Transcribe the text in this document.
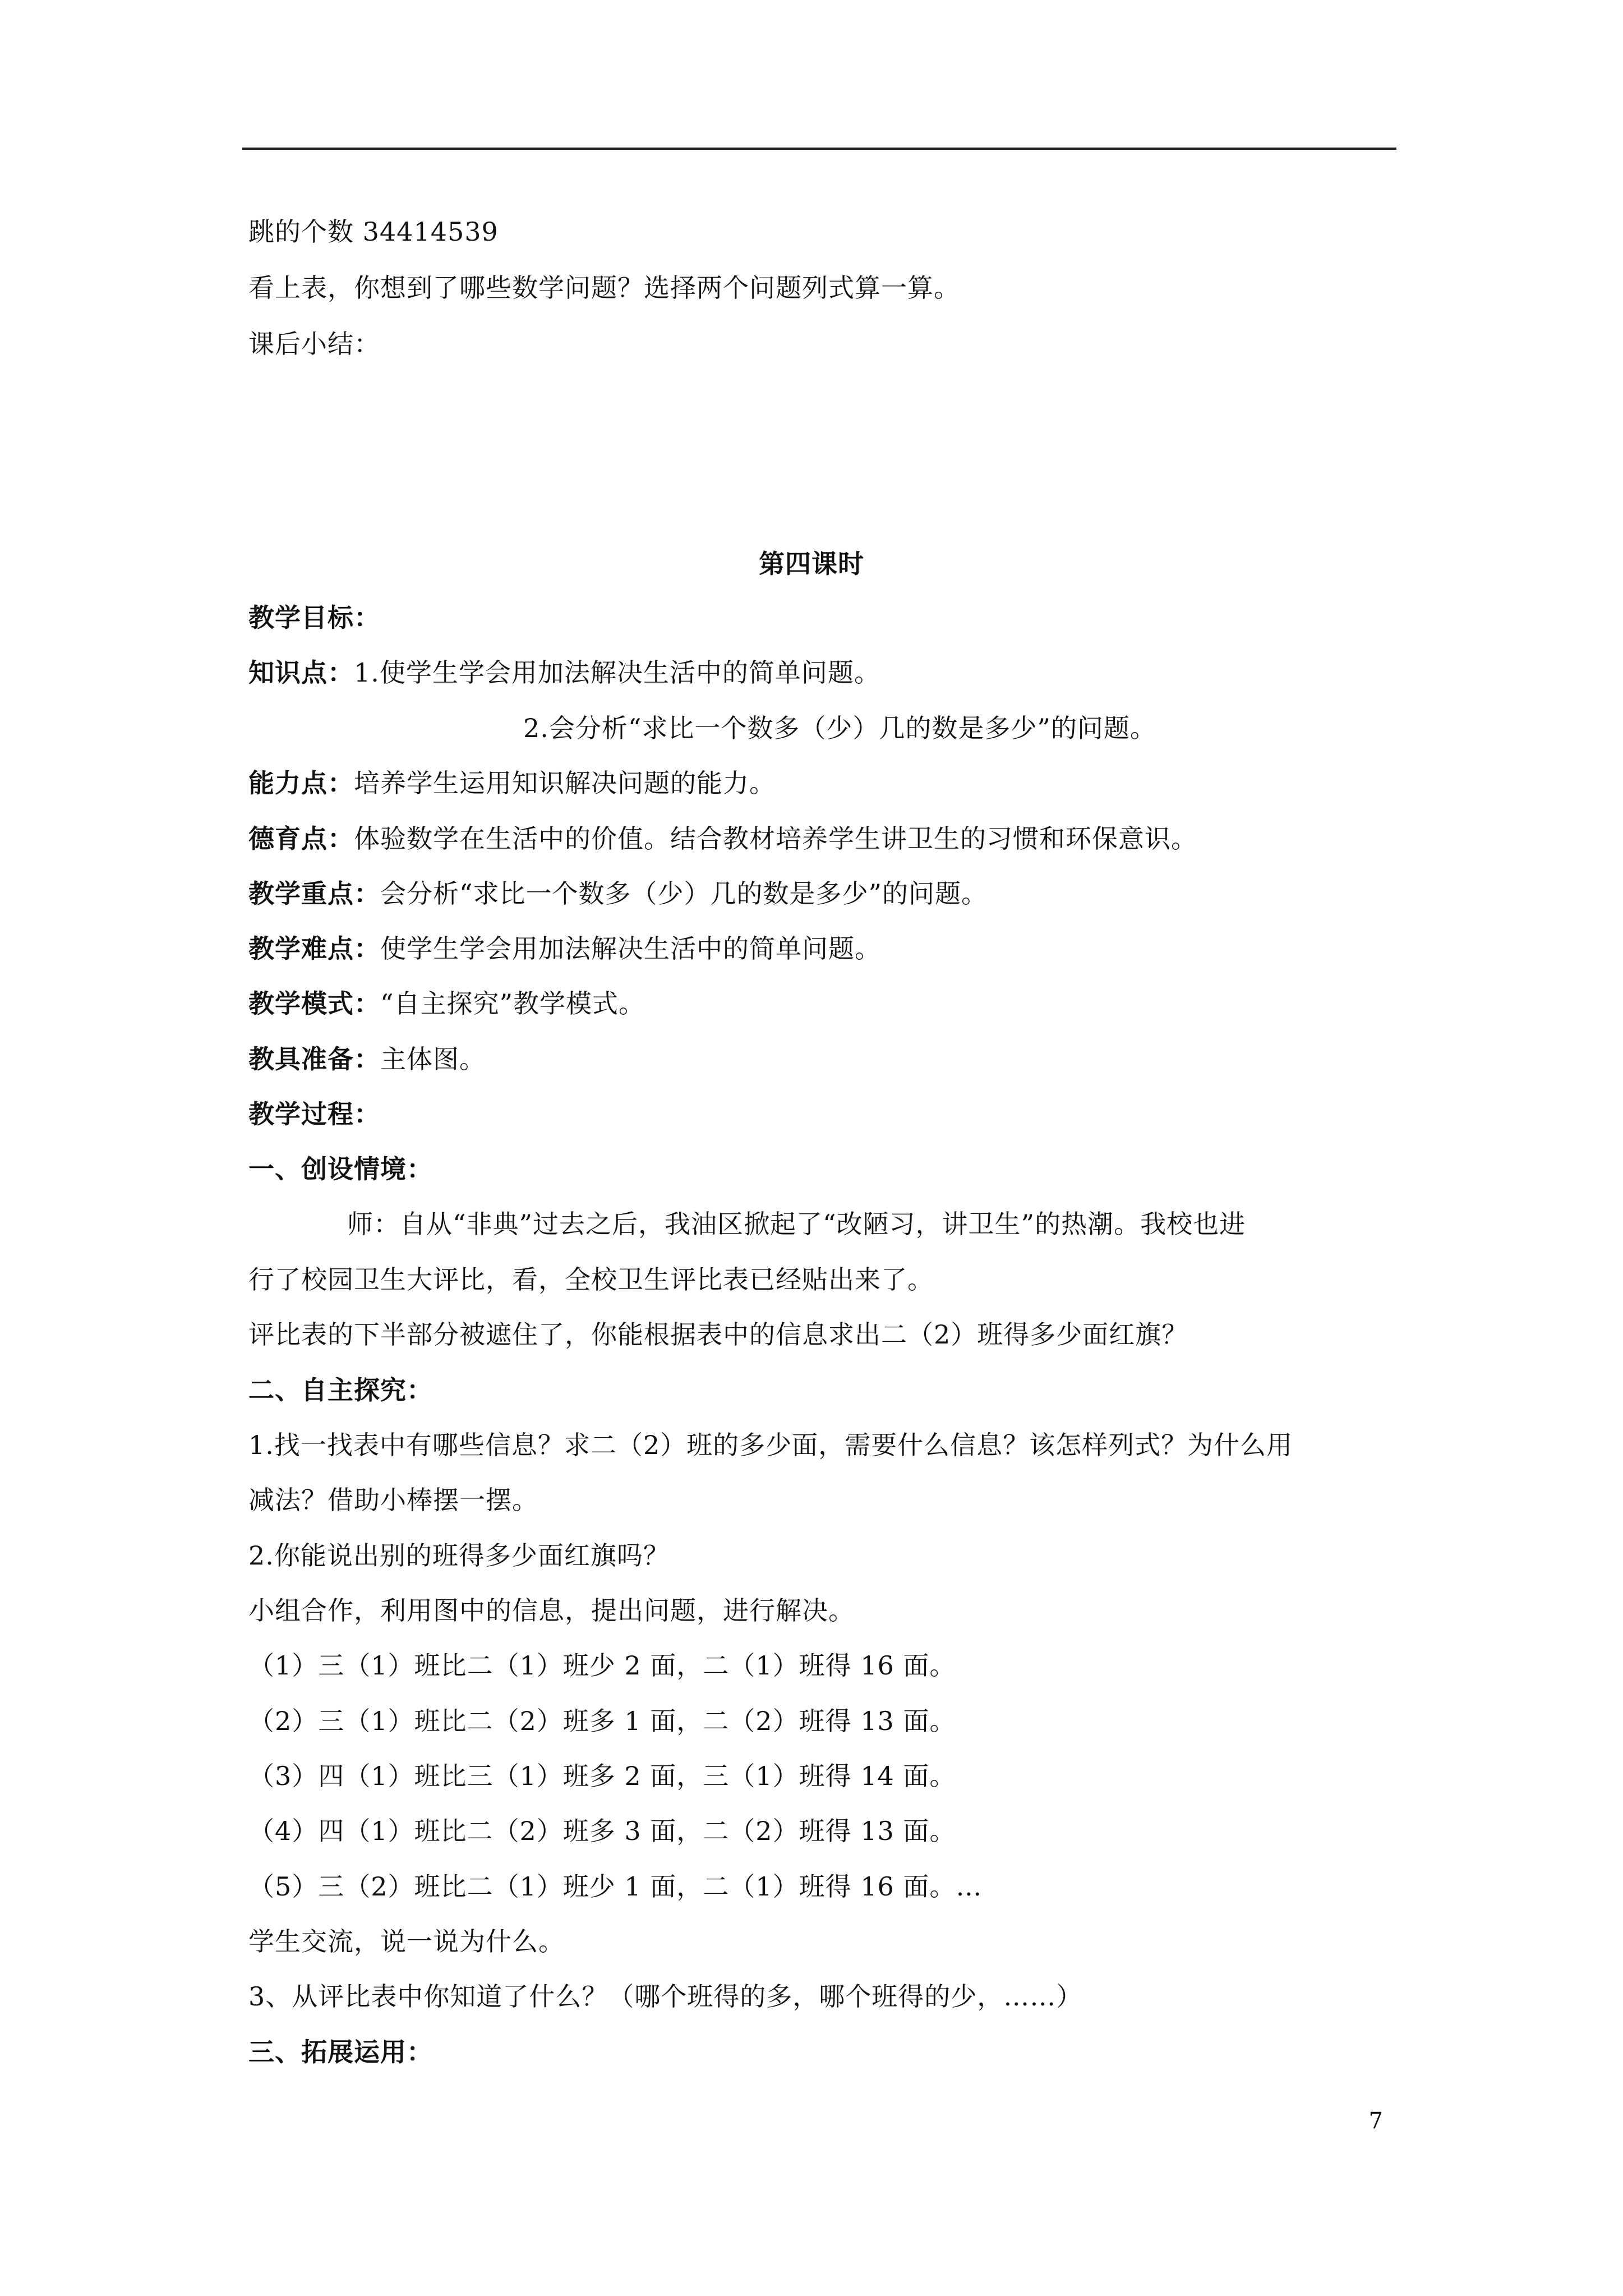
跳的个数 34414539
看上表，你想到了哪些数学问题？选择两个问题列式算一算。
课后小结：
第四课时
教学目标：
知识点：1.使学生学会用加法解决生活中的简单问题。
2.会分析“求比一个数多（少）几的数是多少”的问题。
能力点：培养学生运用知识解决问题的能力。
德育点：体验数学在生活中的价值。结合教材培养学生讲卫生的习惯和环保意识。
教学重点：会分析“求比一个数多（少）几的数是多少”的问题。
教学难点：使学生学会用加法解决生活中的简单问题。
教学模式：“自主探究”教学模式。
教具准备：主体图。
教学过程：
一、创设情境：
师：自从“非典”过去之后，我油区掀起了“改陋习，讲卫生”的热潮。我校也进
行了校园卫生大评比，看，全校卫生评比表已经贴出来了。
评比表的下半部分被遮住了，你能根据表中的信息求出二（2）班得多少面红旗？
二、自主探究：
1.找一找表中有哪些信息？求二（2）班的多少面，需要什么信息？该怎样列式？为什么用
减法？借助小棒摆一摆。
2.你能说出别的班得多少面红旗吗？
小组合作，利用图中的信息，提出问题，进行解决。
（1）三（1）班比二（1）班少 2 面，二（1）班得 16 面。
（2）三（1）班比二（2）班多 1 面，二（2）班得 13 面。
（3）四（1）班比三（1）班多 2 面，三（1）班得 14 面。
（4）四（1）班比二（2）班多 3 面，二（2）班得 13 面。
（5）三（2）班比二（1）班少 1 面，二（1）班得 16 面。…
学生交流，说一说为什么。
3、从评比表中你知道了什么？（哪个班得的多，哪个班得的少，……）
三、拓展运用：
7
